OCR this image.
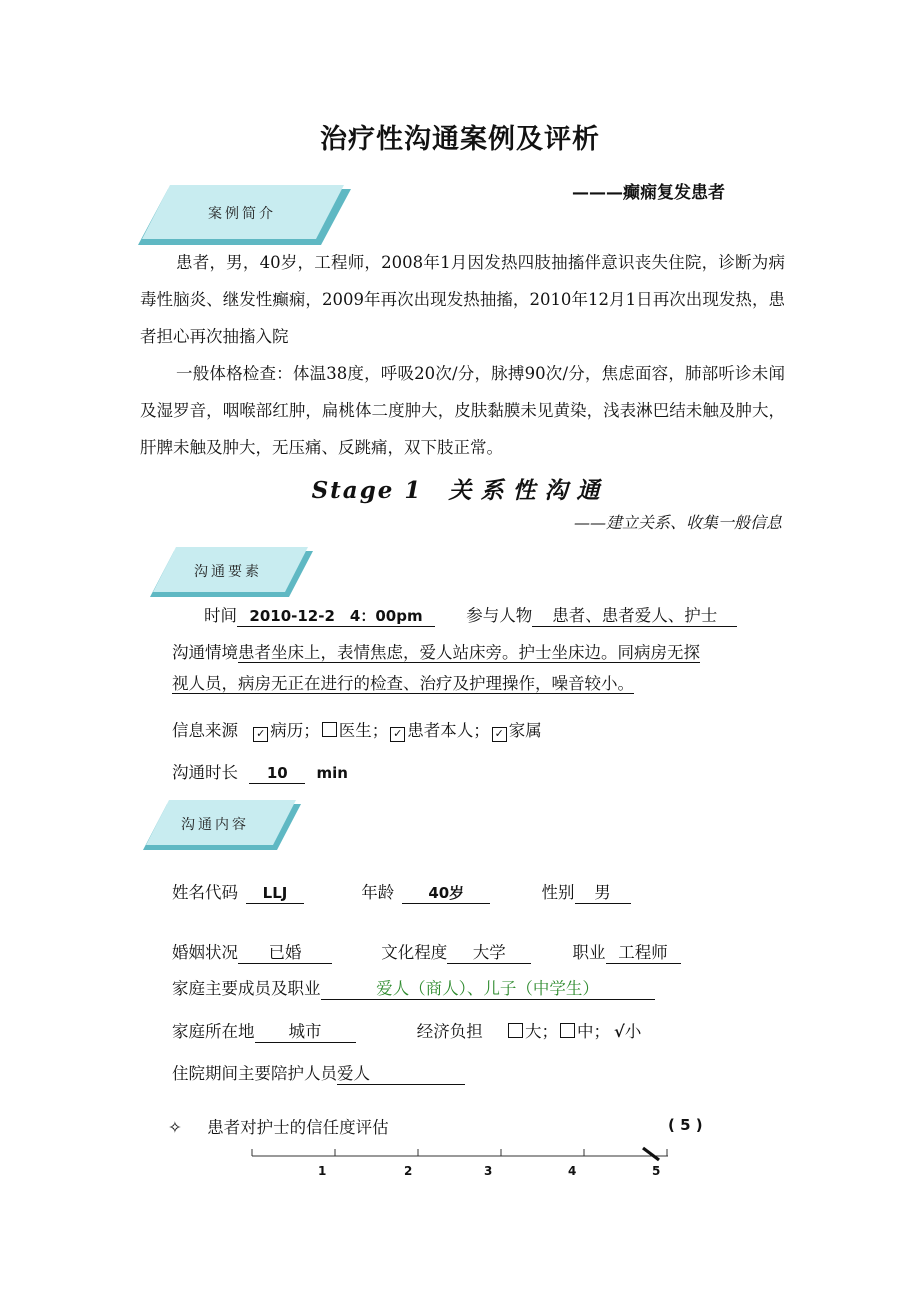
治疗性沟通案例及评析
———癫痫复发患者
案例简介

患者，男，40岁，工程师，2008年1月因发热四肢抽搐伴意识丧失住院，诊断为病毒性脑炎、继发性癫痫，2009年再次出现发热抽搐，2010年12月1日再次出现发热，患者担心再次抽搐入院

一般体格检查：体温38度，呼吸20次/分，脉搏90次/分，焦虑面容，肺部听诊未闻及湿罗音，咽喉部红肿，扁桃体二度肿大，皮肤黏膜未见黄染，浅表淋巴结未触及肿大，肝脾未触及肿大，无压痛、反跳痛，双下肢正常。

Stage 1 关系性沟通
——建立关系、收集一般信息
沟通要素
时间 2010-12-2　4：00pm	参与人物 患者、患者爱人、护士
沟通情境患者坐床上，表情焦虑，爱人站床旁。护士坐床边。同病房无探
视人员，病房无正在进行的检查、治疗及护理操作，噪音较小。
信息来源 ✓ 病历； 医生； ✓ 患者本人； ✓ 家属
沟通时长 10 min
沟通内容
姓名代码 LLJ	年龄 40岁	性别 男
婚姻状况 已婚	文化程度 大学	职业 工程师
家庭主要成员及职业	爱人（商人）、儿子（中学生）
家庭所在地 城市	经济负担	大； 中； √小
住院期间主要陪护人员爱人
✧ 患者对护士的信任度评估	( 5 )
1	2	3	4	5
